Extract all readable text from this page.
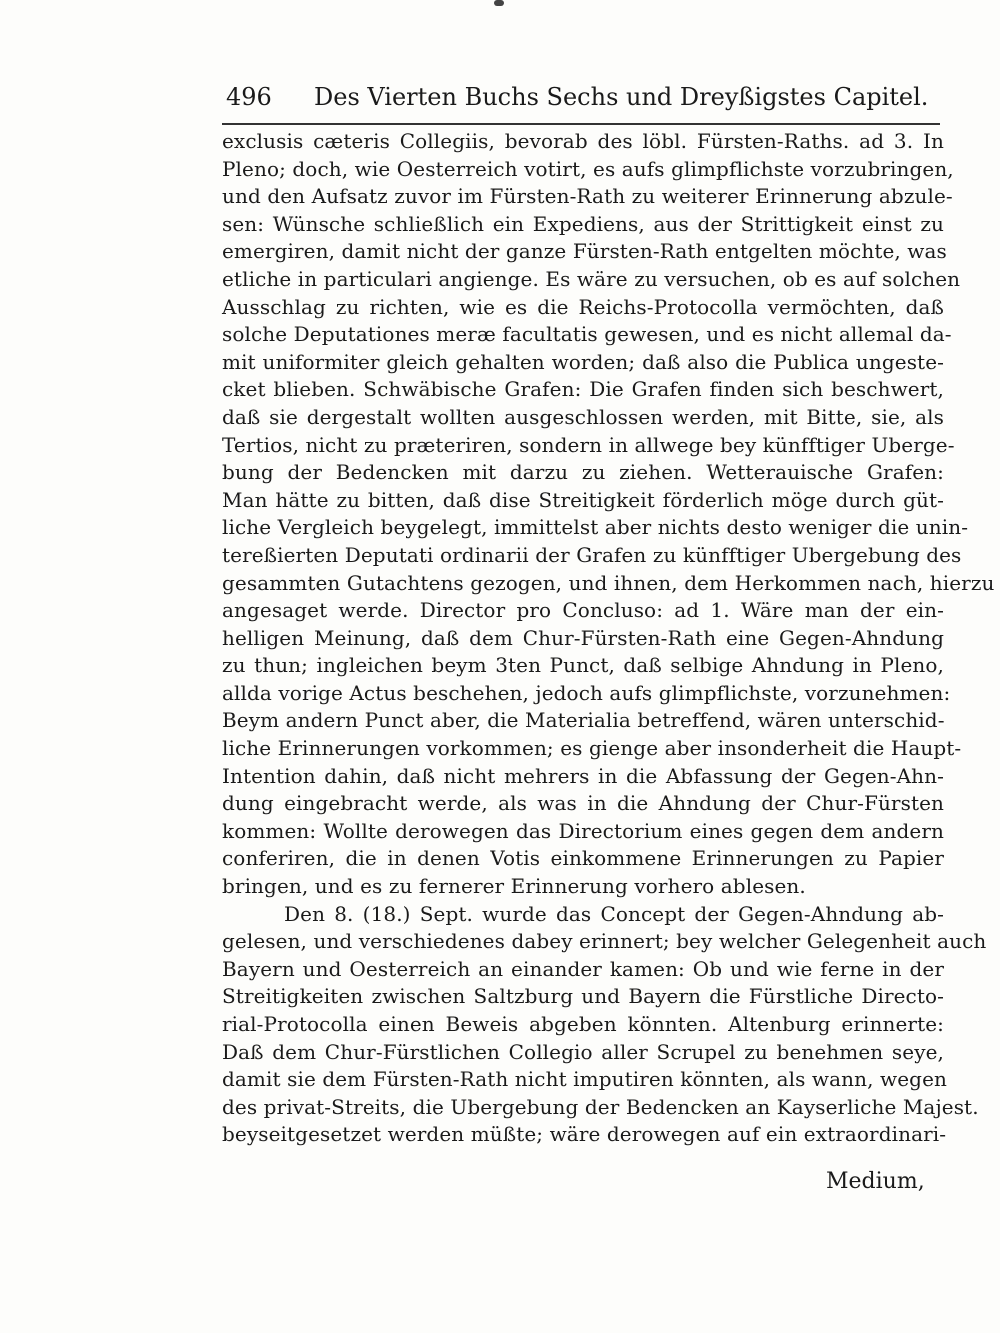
496 Des Vierten Buchs Sechs und Dreyßigstes Capitel.
exclusis cæteris Collegiis, bevorab des löbl. Fürsten-Raths. ad 3. In
Pleno; doch, wie Oesterreich votirt, es aufs glimpflichste vorzubringen,
und den Aufsatz zuvor im Fürsten-Rath zu weiterer Erinnerung abzule-
sen: Wünsche schließlich ein Expediens, aus der Strittigkeit einst zu
emergiren, damit nicht der ganze Fürsten-Rath entgelten möchte, was
etliche in particulari angienge. Es wäre zu versuchen, ob es auf solchen
Ausschlag zu richten, wie es die Reichs-Protocolla vermöchten, daß
solche Deputationes meræ facultatis gewesen, und es nicht allemal da-
mit uniformiter gleich gehalten worden; daß also die Publica ungeste-
cket blieben. Schwäbische Grafen: Die Grafen finden sich beschwert,
daß sie dergestalt wollten ausgeschlossen werden, mit Bitte, sie, als
Tertios, nicht zu præteriren, sondern in allwege bey künfftiger Uberge-
bung der Bedencken mit darzu zu ziehen. Wetterauische Grafen:
Man hätte zu bitten, daß dise Streitigkeit förderlich möge durch güt-
liche Vergleich beygelegt, immittelst aber nichts desto weniger die unin-
tereßierten Deputati ordinarii der Grafen zu künfftiger Ubergebung des
gesammten Gutachtens gezogen, und ihnen, dem Herkommen nach, hierzu
angesaget werde. Director pro Concluso: ad 1. Wäre man der ein-
helligen Meinung, daß dem Chur-Fürsten-Rath eine Gegen-Ahndung
zu thun; ingleichen beym 3ten Punct, daß selbige Ahndung in Pleno,
allda vorige Actus beschehen, jedoch aufs glimpflichste, vorzunehmen:
Beym andern Punct aber, die Materialia betreffend, wären unterschid-
liche Erinnerungen vorkommen; es gienge aber insonderheit die Haupt-
Intention dahin, daß nicht mehrers in die Abfassung der Gegen-Ahn-
dung eingebracht werde, als was in die Ahndung der Chur-Fürsten
kommen: Wollte derowegen das Directorium eines gegen dem andern
conferiren, die in denen Votis einkommene Erinnerungen zu Papier
bringen, und es zu fernerer Erinnerung vorhero ablesen.
Den 8. (18.) Sept. wurde das Concept der Gegen-Ahndung ab-
gelesen, und verschiedenes dabey erinnert; bey welcher Gelegenheit auch
Bayern und Oesterreich an einander kamen: Ob und wie ferne in der
Streitigkeiten zwischen Saltzburg und Bayern die Fürstliche Directo-
rial-Protocolla einen Beweis abgeben könnten. Altenburg erinnerte:
Daß dem Chur-Fürstlichen Collegio aller Scrupel zu benehmen seye,
damit sie dem Fürsten-Rath nicht imputiren könnten, als wann, wegen
des privat-Streits, die Ubergebung der Bedencken an Kayserliche Majest.
beyseitgesetzet werden müßte; wäre derowegen auf ein extraordinari-
Medium,
